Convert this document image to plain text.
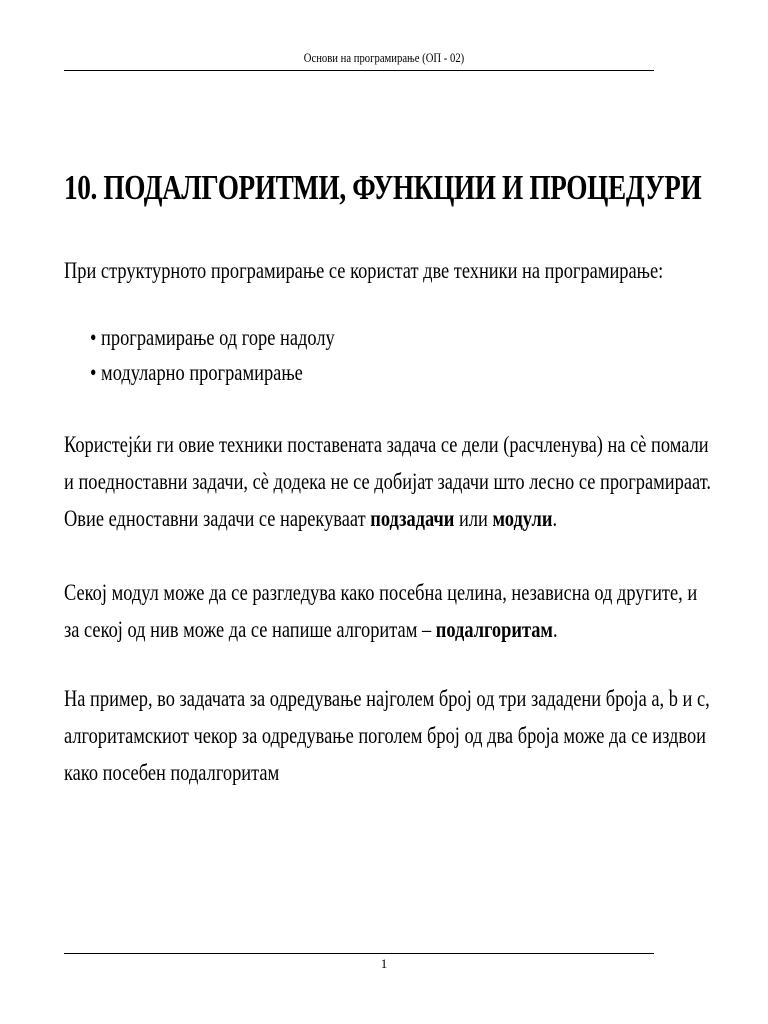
Основи на програмирање (ОП - 02)
10. ПОДАЛГОРИТМИ, ФУНКЦИИ И ПРОЦЕДУРИ

При структурното програмирање се користат две техники на програмирање:

• програмирање од горе надолу
• модуларно програмирање

Користејќи ги овие техники поставената задача се дели (расчленува) на сè помали
и поедноставни задачи, сè додека не се добијат задачи што лесно се програмираат.
Овие едноставни задачи се нарекуваат подзадачи или модули.

Секој модул може да се разгледува како посебна целина, независна од другите, и
за секој од нив може да се напише алгоритам – подалгоритам.

На пример, во задачата за одредување најголем број од три зададени броја а, b и c,
алгоритамскиот чекор за одредување поголем број од два броја може да се издвои
како посебен подалгоритам

1
